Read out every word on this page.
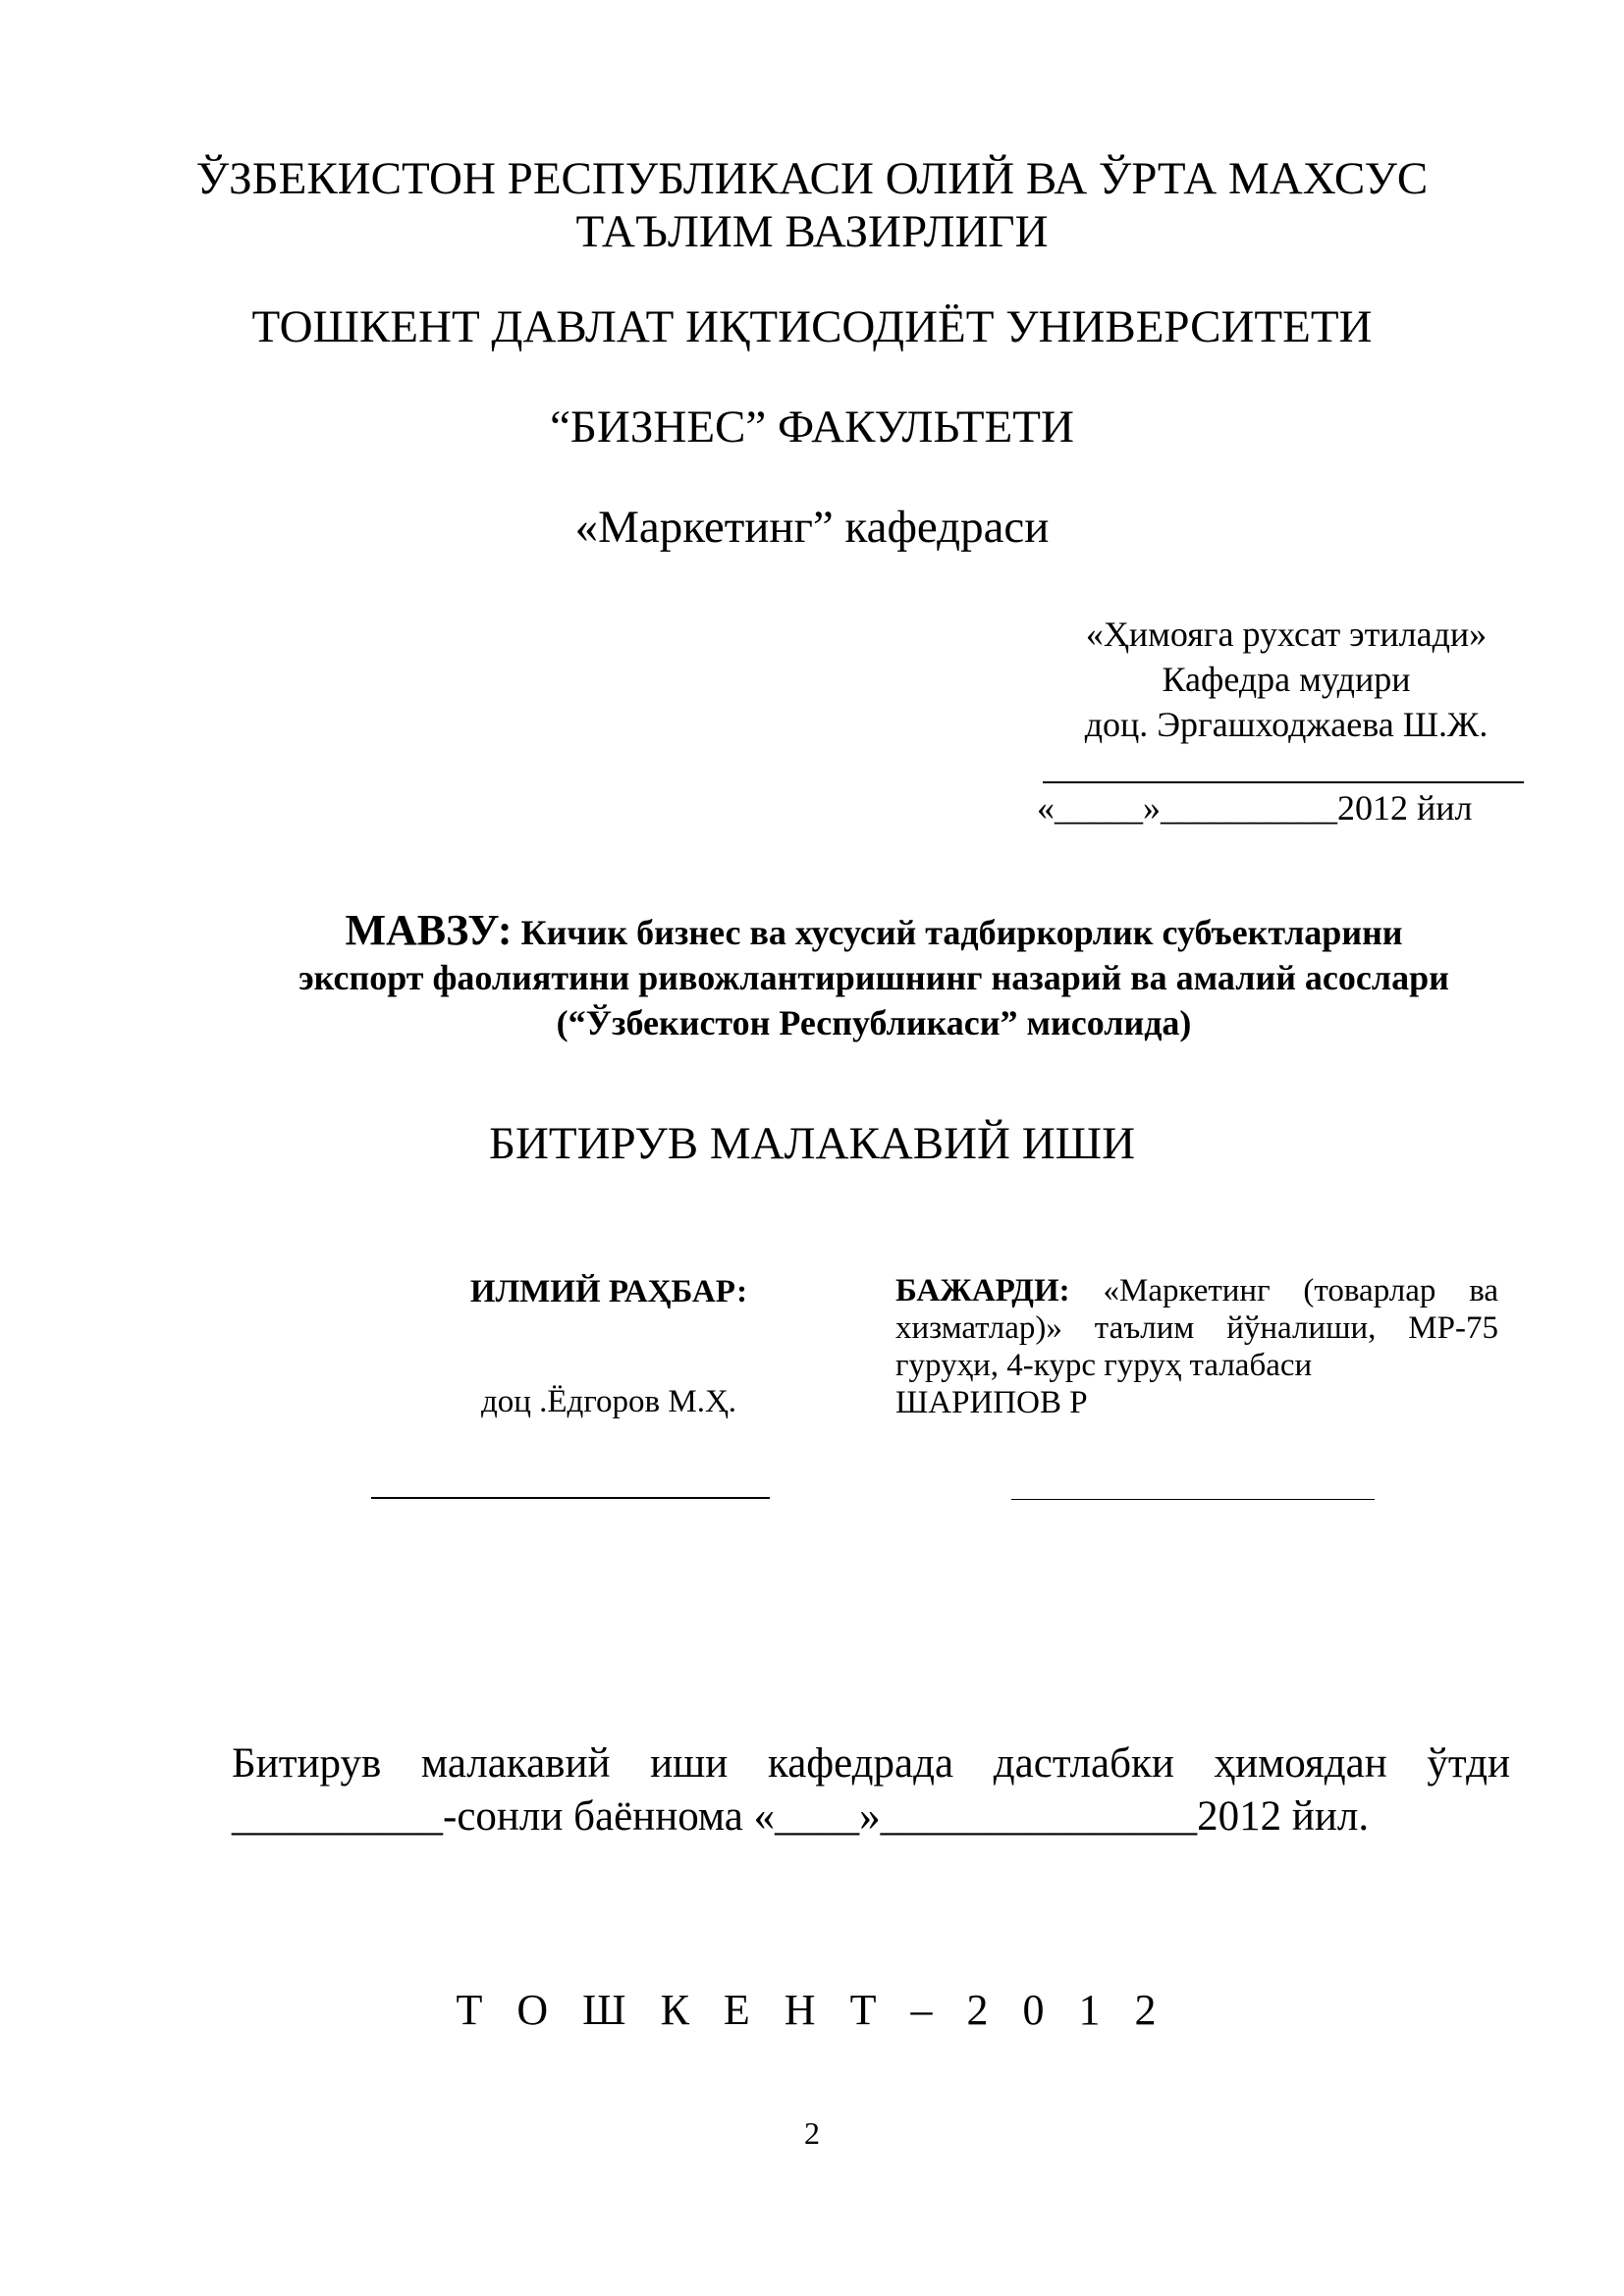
ЎЗБЕКИСТОН РЕСПУБЛИКАСИ ОЛИЙ ВА ЎРТА МАХСУС
ТАЪЛИМ ВАЗИРЛИГИ
ТОШКЕНТ ДАВЛАТ ИҚТИСОДИЁТ УНИВЕРСИТЕТИ
“БИЗНЕС” ФАКУЛЬТЕТИ
«Маркетинг” кафедраси
«Ҳимояга рухсат этилади»
Кафедра мудири
доц. Эргашходжаева Ш.Ж.
«_____»__________2012 йил
МАВЗУ: Кичик бизнес ва хусусий тадбиркорлик субъектларини
экспорт фаолиятини ривожлантиришнинг назарий ва амалий асослари
(“Ўзбекистон Республикаси” мисолида)
БИТИРУВ МАЛАКАВИЙ ИШИ
ИЛМИЙ РАҲБАР:
доц .Ёдгоров М.Ҳ.
БАЖАРДИ: «Маркетинг (товарлар ва хизматлар)» таълим йўналиши, МР-75 гуруҳи, 4-курс гуруҳ талабаси
ШАРИПОВ Р
Битирув малакавий иши кафедрада дастлабки ҳимоядан ўтди
__________-сонли баённома «____»_______________2012 йил.
Т О Ш К Е Н Т – 2 0 1 2
2
